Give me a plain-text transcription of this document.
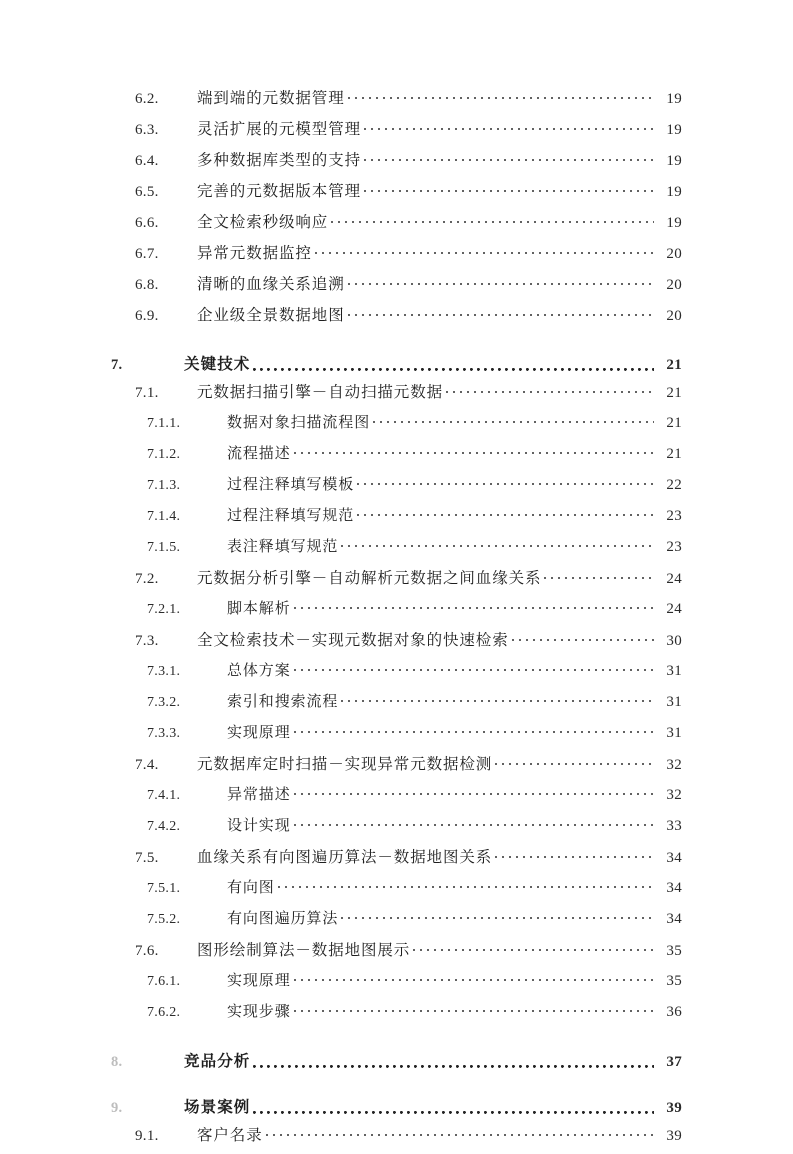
6.2.	端到端的元数据管理	19
6.3.	灵活扩展的元模型管理	19
6.4.	多种数据库类型的支持	19
6.5.	完善的元数据版本管理	19
6.6.	全文检索秒级响应	19
6.7.	异常元数据监控	20
6.8.	清晰的血缘关系追溯	20
6.9.	企业级全景数据地图	20
7.	关键技术	21
7.1.	元数据扫描引擎－自动扫描元数据	21
7.1.1.	数据对象扫描流程图	21
7.1.2.	流程描述	21
7.1.3.	过程注释填写模板	22
7.1.4.	过程注释填写规范	23
7.1.5.	表注释填写规范	23
7.2.	元数据分析引擎－自动解析元数据之间血缘关系	24
7.2.1.	脚本解析	24
7.3.	全文检索技术－实现元数据对象的快速检索	30
7.3.1.	总体方案	31
7.3.2.	索引和搜索流程	31
7.3.3.	实现原理	31
7.4.	元数据库定时扫描－实现异常元数据检测	32
7.4.1.	异常描述	32
7.4.2.	设计实现	33
7.5.	血缘关系有向图遍历算法－数据地图关系	34
7.5.1.	有向图	34
7.5.2.	有向图遍历算法	34
7.6.	图形绘制算法－数据地图展示	35
7.6.1.	实现原理	35
7.6.2.	实现步骤	36
8.	竞品分析	37
9.	场景案例	39
9.1.	客户名录	39
